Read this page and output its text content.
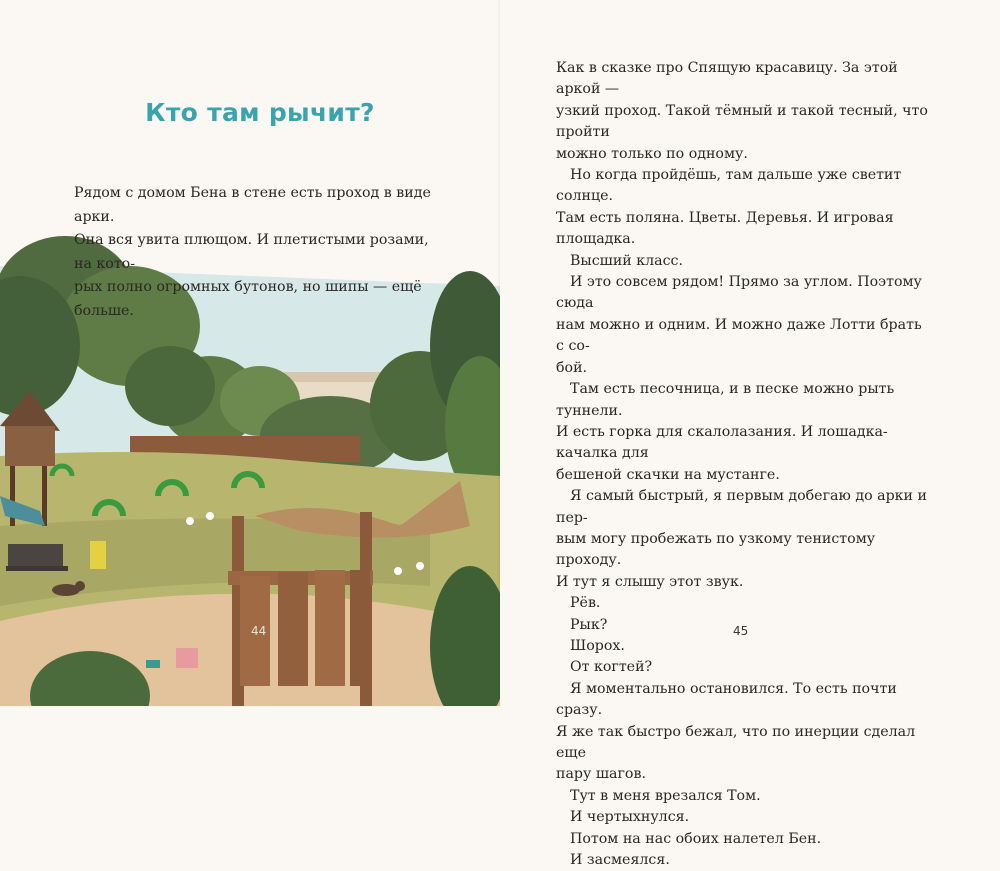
Кто там рычит?

Рядом с домом Бена в стене есть проход в виде арки.

Она вся увита плющом. И плетистыми розами, на кото-

рых полно огромных бутонов, но шипы — ещё больше.

44

Как в сказке про Спящую красавицу. За этой аркой —

узкий проход. Такой тёмный и такой тесный, что пройти

можно только по одному.

Но когда пройдёшь, там дальше уже светит солнце.

Там есть поляна. Цветы. Деревья. И игровая площадка.

Высший класс.

И это совсем рядом! Прямо за углом. Поэтому сюда

нам можно и одним. И можно даже Лотти брать с со-

бой.

Там есть песочница, и в песке можно рыть туннели.

И есть горка для скалолазания. И лошадка-качалка для

бешеной скачки на мустанге.

Я самый быстрый, я первым добегаю до арки и пер-

вым могу пробежать по узкому тенистому проходу.

И тут я слышу этот звук.

Рёв.

Рык?

Шорох.

От когтей?

Я моментально остановился. То есть почти сразу.

Я же так быстро бежал, что по инерции сделал еще

пару шагов.

Тут в меня врезался Том.

И чертыхнулся.

Потом на нас обоих налетел Бен.

И засмеялся.

45
